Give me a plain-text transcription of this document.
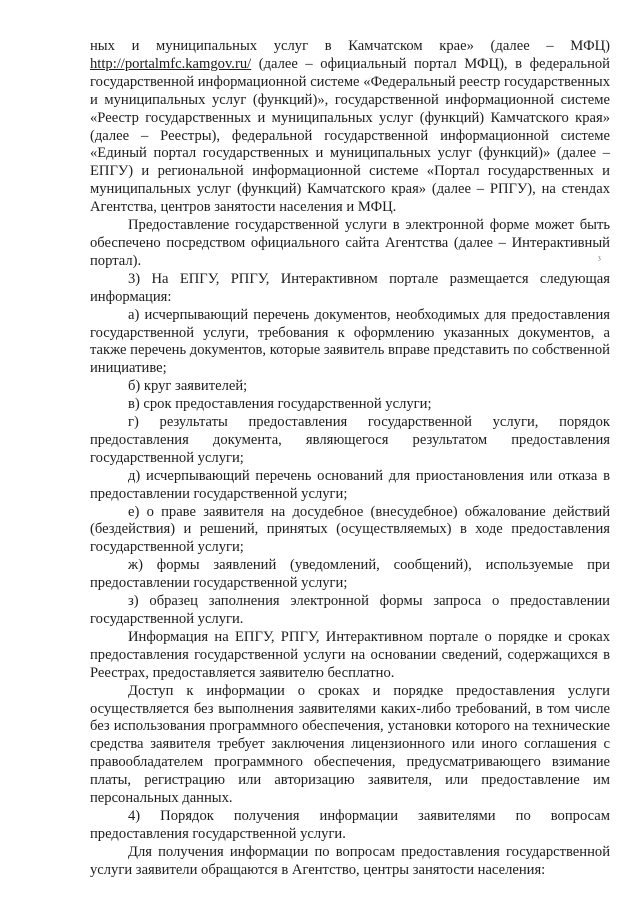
ных и муниципальных услуг в Камчатском крае» (далее – МФЦ) http://portalmfc.kamgov.ru/ (далее – официальный портал МФЦ), в федеральной государственной информационной системе «Федеральный реестр государственных и муниципальных услуг (функций)», государственной информационной системе «Реестр государственных и муниципальных услуг (функций) Камчатского края» (далее – Реестры), федеральной государственной информационной системе «Единый портал государственных и муниципальных услуг (функций)» (далее – ЕПГУ) и региональной информационной системе «Портал государственных и муниципальных услуг (функций) Камчатского края» (далее – РПГУ), на стендах Агентства, центров занятости населения и МФЦ.

Предоставление государственной услуги в электронной форме может быть обеспечено посредством официального сайта Агентства (далее – Интерактивный портал).

3) На ЕПГУ, РПГУ, Интерактивном портале размещается следующая информация:

а) исчерпывающий перечень документов, необходимых для предоставления государственной услуги, требования к оформлению указанных документов, а также перечень документов, которые заявитель вправе представить по собственной инициативе;

б) круг заявителей;

в) срок предоставления государственной услуги;

г) результаты предоставления государственной услуги, порядок предоставления документа, являющегося результатом предоставления государственной услуги;

д) исчерпывающий перечень оснований для приостановления или отказа в предоставлении государственной услуги;

е) о праве заявителя на досудебное (внесудебное) обжалование действий (бездействия) и решений, принятых (осуществляемых) в ходе предоставления государственной услуги;

ж) формы заявлений (уведомлений, сообщений), используемые при предоставлении государственной услуги;

з) образец заполнения электронной формы запроса о предоставлении государственной услуги.

Информация на ЕПГУ, РПГУ, Интерактивном портале о порядке и сроках предоставления государственной услуги на основании сведений, содержащихся в Реестрах, предоставляется заявителю бесплатно.

Доступ к информации о сроках и порядке предоставления услуги осуществляется без выполнения заявителями каких-либо требований, в том числе без использования программного обеспечения, установки которого на технические средства заявителя требует заключения лицензионного или иного соглашения с правообладателем программного обеспечения, предусматривающего взимание платы, регистрацию или авторизацию заявителя, или предоставление им персональных данных.

4) Порядок получения информации заявителями по вопросам предоставления государственной услуги.

Для получения информации по вопросам предоставления государственной услуги заявители обращаются в Агентство, центры занятости населения:

ᶾ
